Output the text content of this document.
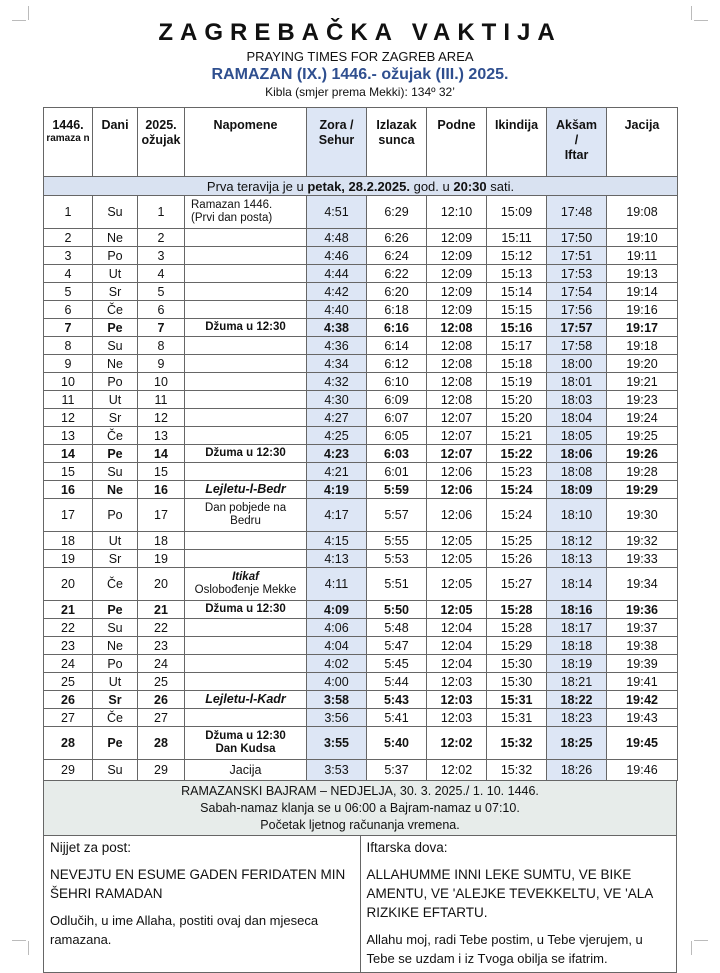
ZAGREBAČKA VAKTIJA
PRAYING TIMES FOR ZAGREB AREA
RAMAZAN (IX.) 1446.- ožujak (III.) 2025.
Kibla (smjer prema Mekki): 134º 32’
1446.
ramaza n	Dani	2025.
ožujak	Napomene	Zora /
Sehur	Izlazak
sunca	Podne	Ikindija	Akšam
/
Iftar	Jacija
Prva teravija je u petak, 28.2.2025. god. u 20:30 sati.									
1	Su	1	Ramazan 1446.
(Prvi dan posta)	4:51	6:29	12:10	15:09	17:48	19:08
2	Ne	2		4:48	6:26	12:09	15:11	17:50	19:10
3	Po	3		4:46	6:24	12:09	15:12	17:51	19:11
4	Ut	4		4:44	6:22	12:09	15:13	17:53	19:13
5	Sr	5		4:42	6:20	12:09	15:14	17:54	19:14
6	Če	6		4:40	6:18	12:09	15:15	17:56	19:16
7	Pe	7	Džuma u 12:30	4:38	6:16	12:08	15:16	17:57	19:17
8	Su	8		4:36	6:14	12:08	15:17	17:58	19:18
9	Ne	9		4:34	6:12	12:08	15:18	18:00	19:20
10	Po	10		4:32	6:10	12:08	15:19	18:01	19:21
11	Ut	11		4:30	6:09	12:08	15:20	18:03	19:23
12	Sr	12		4:27	6:07	12:07	15:20	18:04	19:24
13	Če	13		4:25	6:05	12:07	15:21	18:05	19:25
14	Pe	14	Džuma u 12:30	4:23	6:03	12:07	15:22	18:06	19:26
15	Su	15		4:21	6:01	12:06	15:23	18:08	19:28
16	Ne	16	Lejletu-l-Bedr	4:19	5:59	12:06	15:24	18:09	19:29
17	Po	17	Dan pobjede na
Bedru	4:17	5:57	12:06	15:24	18:10	19:30
18	Ut	18		4:15	5:55	12:05	15:25	18:12	19:32
19	Sr	19		4:13	5:53	12:05	15:26	18:13	19:33
20	Če	20	Itikaf
Oslobođenje Mekke	4:11	5:51	12:05	15:27	18:14	19:34
21	Pe	21	Džuma u 12:30	4:09	5:50	12:05	15:28	18:16	19:36
22	Su	22		4:06	5:48	12:04	15:28	18:17	19:37
23	Ne	23		4:04	5:47	12:04	15:29	18:18	19:38
24	Po	24		4:02	5:45	12:04	15:30	18:19	19:39
25	Ut	25		4:00	5:44	12:03	15:30	18:21	19:41
26	Sr	26	Lejletu-l-Kadr	3:58	5:43	12:03	15:31	18:22	19:42
27	Če	27		3:56	5:41	12:03	15:31	18:23	19:43
28	Pe	28	Džuma u 12:30
Dan Kudsa	3:55	5:40	12:02	15:32	18:25	19:45
29	Su	29	Jacija	3:53	5:37	12:02	15:32	18:26	19:46
RAMAZANSKI BAJRAM – NEDJELJA, 30. 3. 2025./ 1. 10. 1446.
Sabah-namaz klanja se u 06:00 a Bajram-namaz u 07:10.
Početak ljetnog računanja vremena.
Nijjet za post:
NEVEJTU EN ESUME GADEN FERIDATEN MIN ŠEHRI RAMADAN
Odlučih, u ime Allaha, postiti ovaj dan mjeseca ramazana.
Iftarska dova:
ALLAHUMME INNI LEKE SUMTU, VE BIKE AMENTU, VE 'ALEJKE TEVEKKELTU, VE 'ALA RIZKIKE EFTARTU.
Allahu moj, radi Tebe postim, u Tebe vjerujem, u Tebe se uzdam i iz Tvoga obilja se ifatrim.
